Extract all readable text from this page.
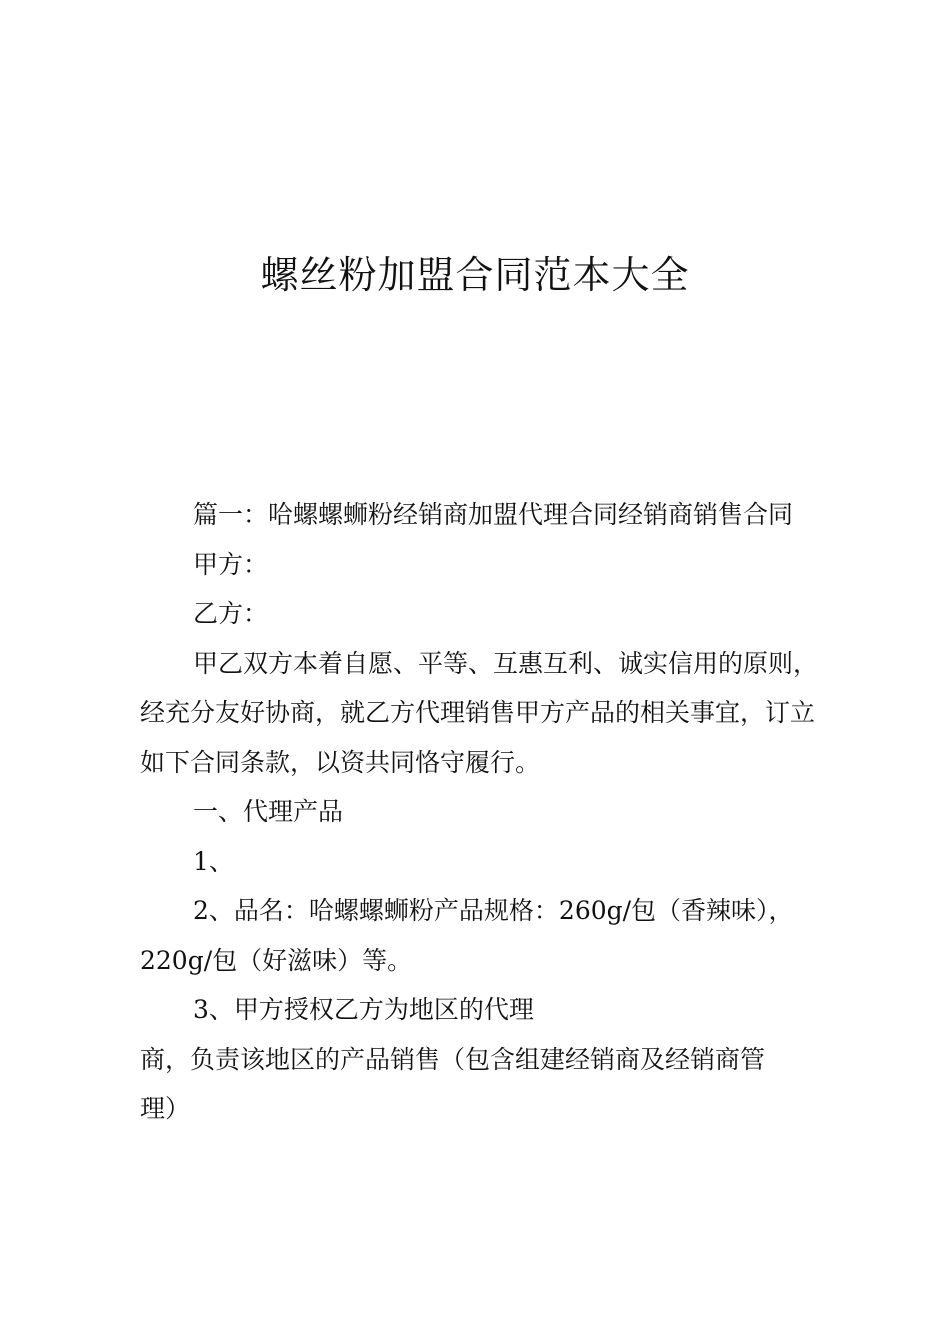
螺丝粉加盟合同范本大全

篇一：哈螺螺蛳粉经销商加盟代理合同经销商销售合同

甲方：

乙方：

甲乙双方本着自愿、平等、互惠互利、诚实信用的原则，经充分友好协商，就乙方代理销售甲方产品的相关事宜，订立如下合同条款，以资共同恪守履行。

一、代理产品

1、

2、品名：哈螺螺蛳粉产品规格：260g/包（香辣味），220g/包（好滋味）等。

3、甲方授权乙方为地区的代理

商，负责该地区的产品销售（包含组建经销商及经销商管理）
